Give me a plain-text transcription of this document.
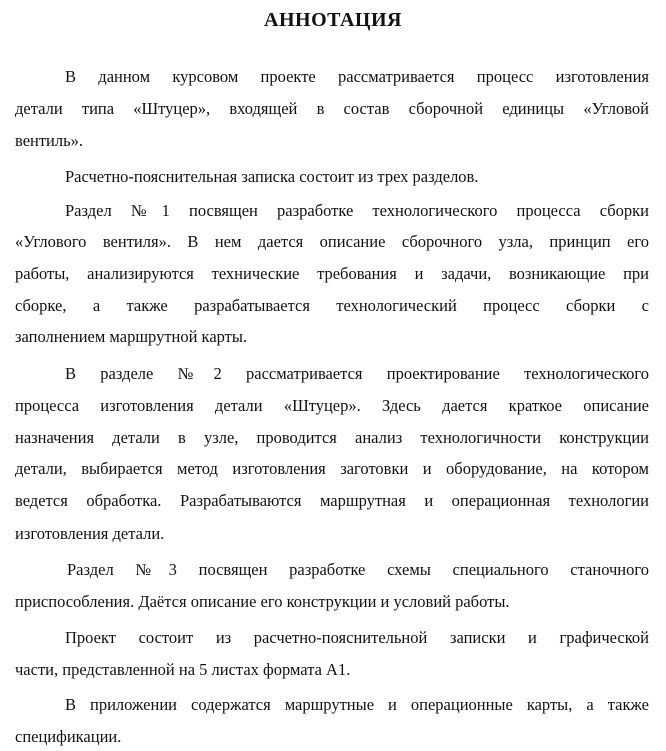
АННОТАЦИЯ
В данном курсовом проекте рассматривается процесс изготовления
детали типа «Штуцер», входящей в состав сборочной единицы «Угловой
вентиль».
Расчетно-пояснительная записка состоит из трех разделов.
Раздел №1 посвящен разработке технологического процесса сборки
«Углового вентиля». В нем дается описание сборочного узла, принцип его
работы, анализируются технические требования и задачи, возникающие при
сборке, а также разрабатывается технологический процесс сборки с
заполнением маршрутной карты.
В разделе №2 рассматривается проектирование технологического
процесса изготовления детали «Штуцер». Здесь дается краткое описание
назначения детали в узле, проводится анализ технологичности конструкции
детали, выбирается метод изготовления заготовки и оборудование, на котором
ведется обработка. Разрабатываются маршрутная и операционная технологии
изготовления детали.
Раздел №3 посвящен разработке схемы специального станочного
приспособления. Даётся описание его конструкции и условий работы.
Проект состоит из расчетно-пояснительной записки и графической
части, представленной на 5 листах формата А1.
В приложении содержатся маршрутные и операционные карты, а также
спецификации.
